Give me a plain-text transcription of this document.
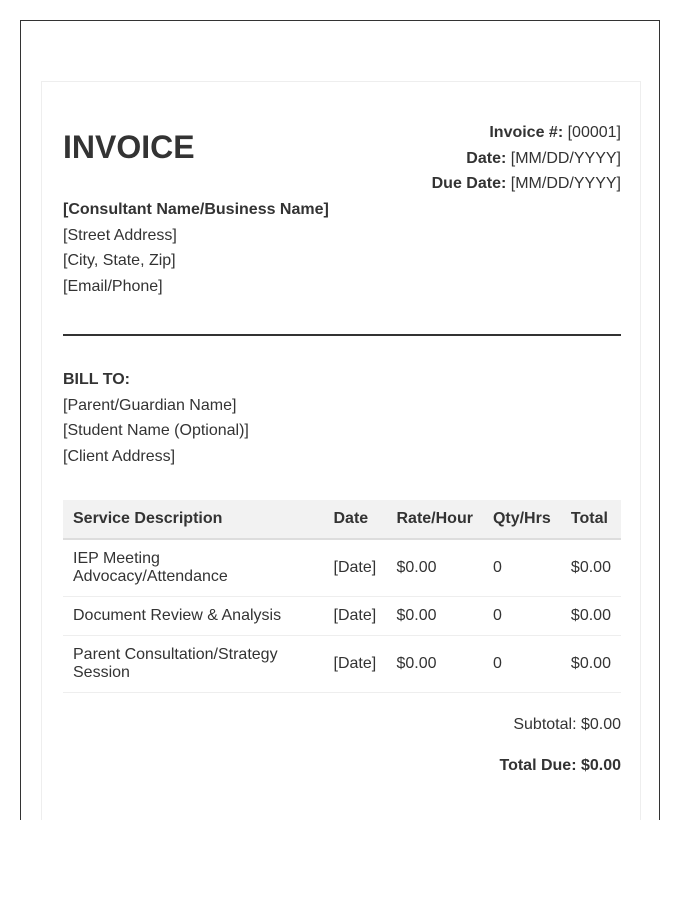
INVOICE	Invoice #: [00001]
Date: [MM/DD/YYYY]
Due Date: [MM/DD/YYYY]
[Consultant Name/Business Name]
[Street Address]
[City, State, Zip]
[Email/Phone]
BILL TO:
[Parent/Guardian Name]
[Student Name (Optional)]
[Client Address]
Service Description	Date	Rate/Hour	Qty/Hrs	Total
IEP Meeting Advocacy/Attendance	[Date]	$0.00	0	$0.00
Document Review & Analysis	[Date]	$0.00	0	$0.00
Parent Consultation/Strategy Session	[Date]	$0.00	0	$0.00
Subtotal: $0.00
Total Due: $0.00
